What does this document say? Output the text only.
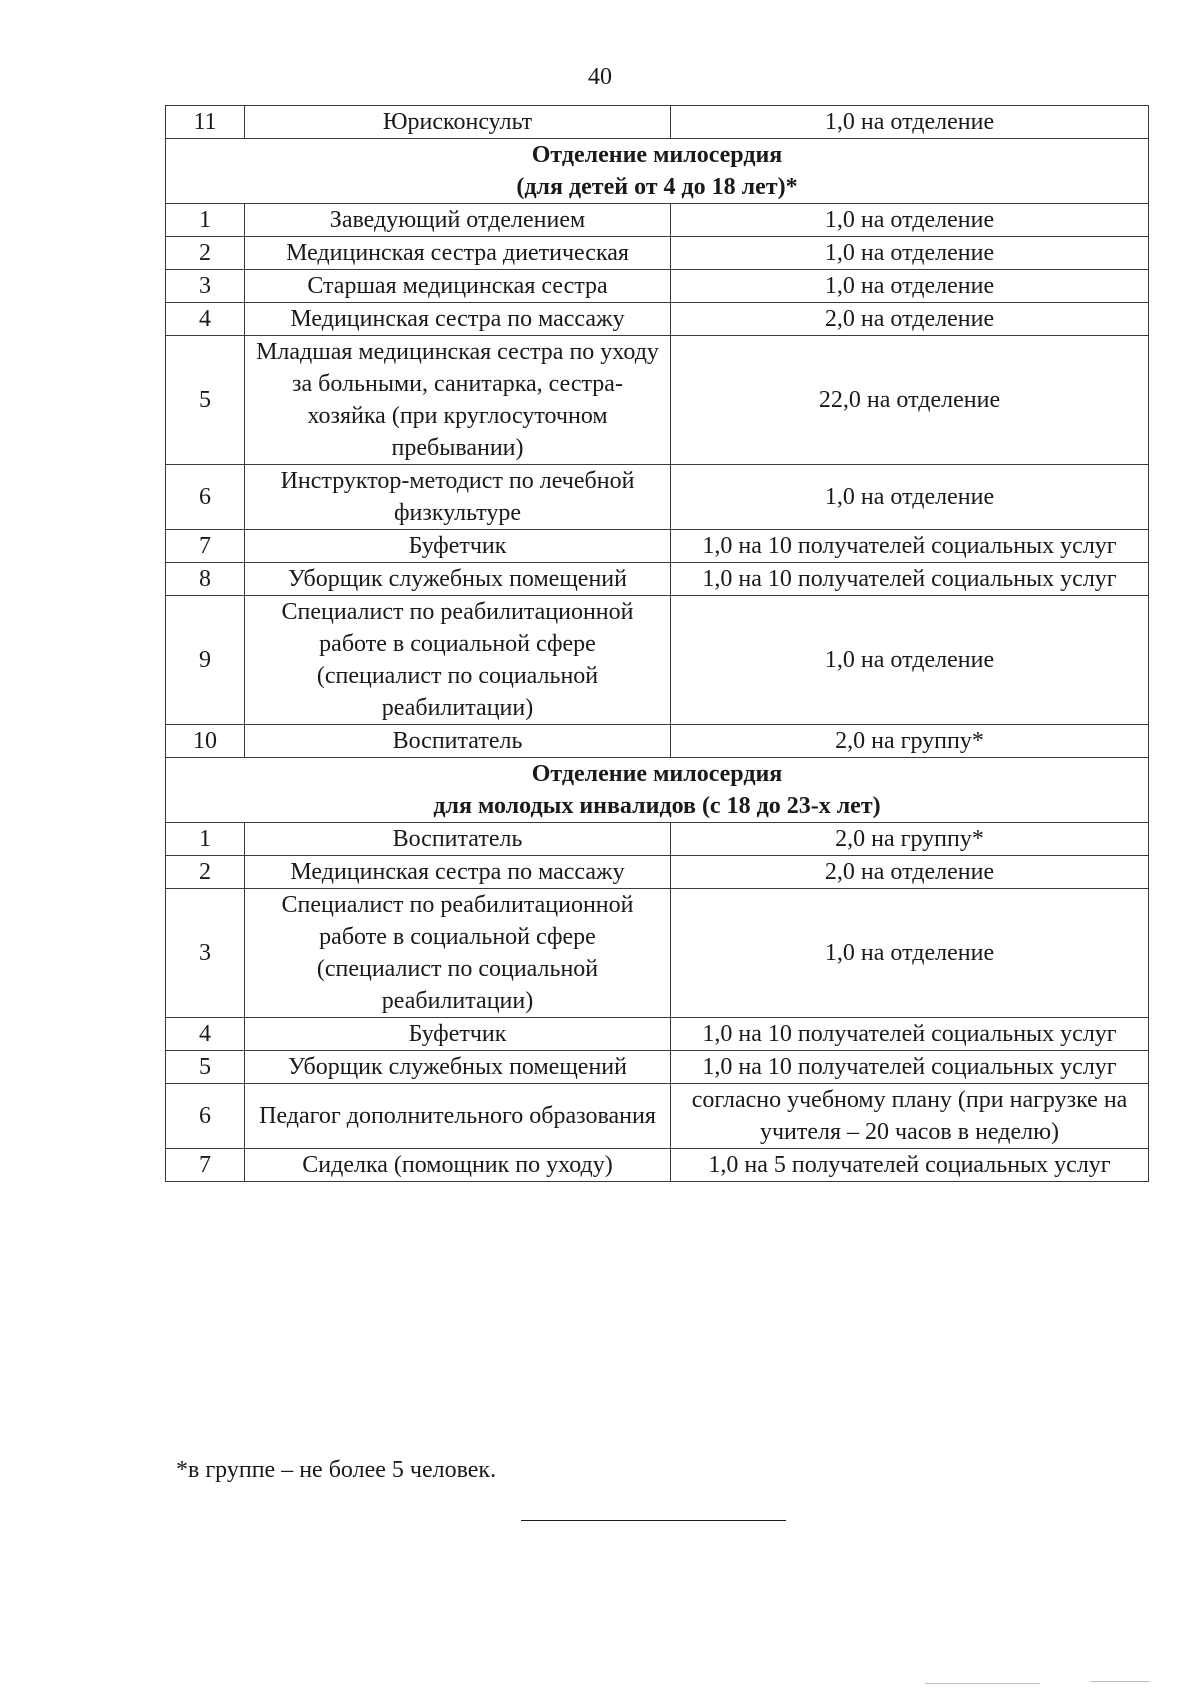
40
11	Юрисконсульт	1,0 на отделение

Отделение милосердия
(для детей от 4 до 18 лет)*		

1	Заведующий отделением	1,0 на отделение
2	Медицинская сестра диетическая	1,0 на отделение
3	Старшая медицинская сестра	1,0 на отделение
4	Медицинская сестра по массажу	2,0 на отделение
5	Младшая медицинская сестра по уходу за больными, санитарка, сестра-хозяйка (при круглосуточном пребывании)	22,0 на отделение
6	Инструктор-методист по лечебной физкультуре	1,0 на отделение
7	Буфетчик	1,0 на 10 получателей социальных услуг
8	Уборщик служебных помещений	1,0 на 10 получателей социальных услуг
9	Специалист по реабилитационной работе в социальной сфере (специалист по социальной реабилитации)	1,0 на отделение
10	Воспитатель	2,0 на группу*

Отделение милосердия
для молодых инвалидов (с 18 до 23-х лет)		

1	Воспитатель	2,0 на группу*
2	Медицинская сестра по массажу	2,0 на отделение
3	Специалист по реабилитационной работе в социальной сфере (специалист по социальной реабилитации)	1,0 на отделение
4	Буфетчик	1,0 на 10 получателей социальных услуг
5	Уборщик служебных помещений	1,0 на 10 получателей социальных услуг
6	Педагог дополнительного образования	согласно учебному плану (при нагрузке на учителя – 20 часов в неделю)
7	Сиделка (помощник по уходу)	1,0 на 5 получателей социальных услуг
*в группе – не более 5 человек.
